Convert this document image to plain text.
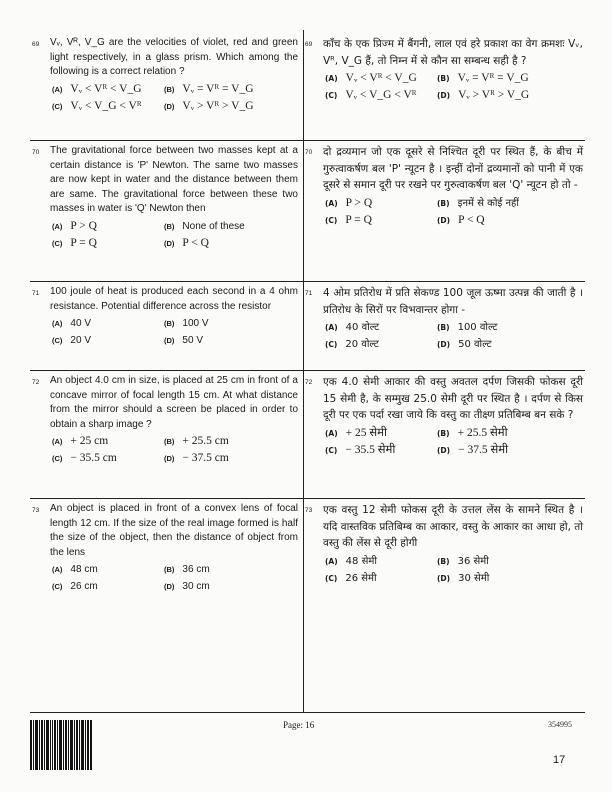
69	Vᵥ, Vᴿ, V_G are the velocities of violet, red and green light respectively, in a glass prism. Which among the following is a correct relation ?
(A) Vᵥ < Vᴿ < V_G	(B) Vᵥ = Vᴿ = V_G
(C) Vᵥ < V_G < Vᴿ	(D) Vᵥ > Vᴿ > V_G
69	काँच के एक प्रिज्म में बैंगनी, लाल एवं हरे प्रकाश का वेग क्रमशः Vᵥ, Vᴿ, V_G हैं, तो निम्न में से कौन सा सम्बन्ध सही है ?
(A) Vᵥ < Vᴿ < V_G	(B) Vᵥ = Vᴿ = V_G
(C) Vᵥ < V_G < Vᴿ	(D) Vᵥ > Vᴿ > V_G
70	The gravitational force between two masses kept at a certain distance is 'P' Newton. The same two masses are now kept in water and the distance between them are same. The gravitational force between these two masses in water is 'Q' Newton then
(A) P > Q	(B) None of these
(C) P = Q	(D) P < Q
70	दो द्रव्यमान जो एक दूसरे से निश्चित दूरी पर स्थित हैं, के बीच में गुरुत्वाकर्षण बल 'P' न्यूटन है । इन्हीं दोनों द्रव्यमानों को पानी में एक दूसरे से समान दूरी पर रखने पर गुरुत्वाकर्षण बल 'Q' न्यूटन हो तो -
(A) P > Q	(B) इनमें से कोई नहीं
(C) P = Q	(D) P < Q
71	100 joule of heat is produced each second in a 4 ohm resistance. Potential difference across the resistor
(A) 40 V	(B) 100 V
(C) 20 V	(D) 50 V
71	4 ओम प्रतिरोध में प्रति सेकण्ड 100 जूल ऊष्मा उत्पन्न की जाती है । प्रतिरोध के सिरों पर विभवान्तर होगा -
(A) 40 वोल्ट	(B) 100 वोल्ट
(C) 20 वोल्ट	(D) 50 वोल्ट
72	An object 4.0 cm in size, is placed at 25 cm in front of a concave mirror of focal length 15 cm. At what distance from the mirror should a screen be placed in order to obtain a sharp image ?
(A) + 25 cm	(B) + 25.5 cm
(C) − 35.5 cm	(D) − 37.5 cm
72	एक 4.0 सेमी आकार की वस्तु अवतल दर्पण जिसकी फोकस दूरी 15 सेमी है, के सम्मुख 25.0 सेमी दूरी पर स्थित है । दर्पण से किस दूरी पर एक पर्दा रखा जाये कि वस्तु का तीक्ष्ण प्रतिबिम्ब बन सके ?
(A) + 25 सेमी	(B) + 25.5 सेमी
(C) − 35.5 सेमी	(D) − 37.5 सेमी
73	An object is placed in front of a convex lens of focal length 12 cm. If the size of the real image formed is half the size of the object, then the distance of object from the lens
(A) 48 cm	(B) 36 cm
(C) 26 cm	(D) 30 cm
73	एक वस्तु 12 सेमी फोकस दूरी के उत्तल लेंस के सामने स्थित है । यदि वास्तविक प्रतिबिम्ब का आकार, वस्तु के आकार का आधा हो, तो वस्तु की लेंस से दूरी होगी
(A) 48 सेमी	(B) 36 सेमी
(C) 26 सेमी	(D) 30 सेमी
Page: 16	354995
17
